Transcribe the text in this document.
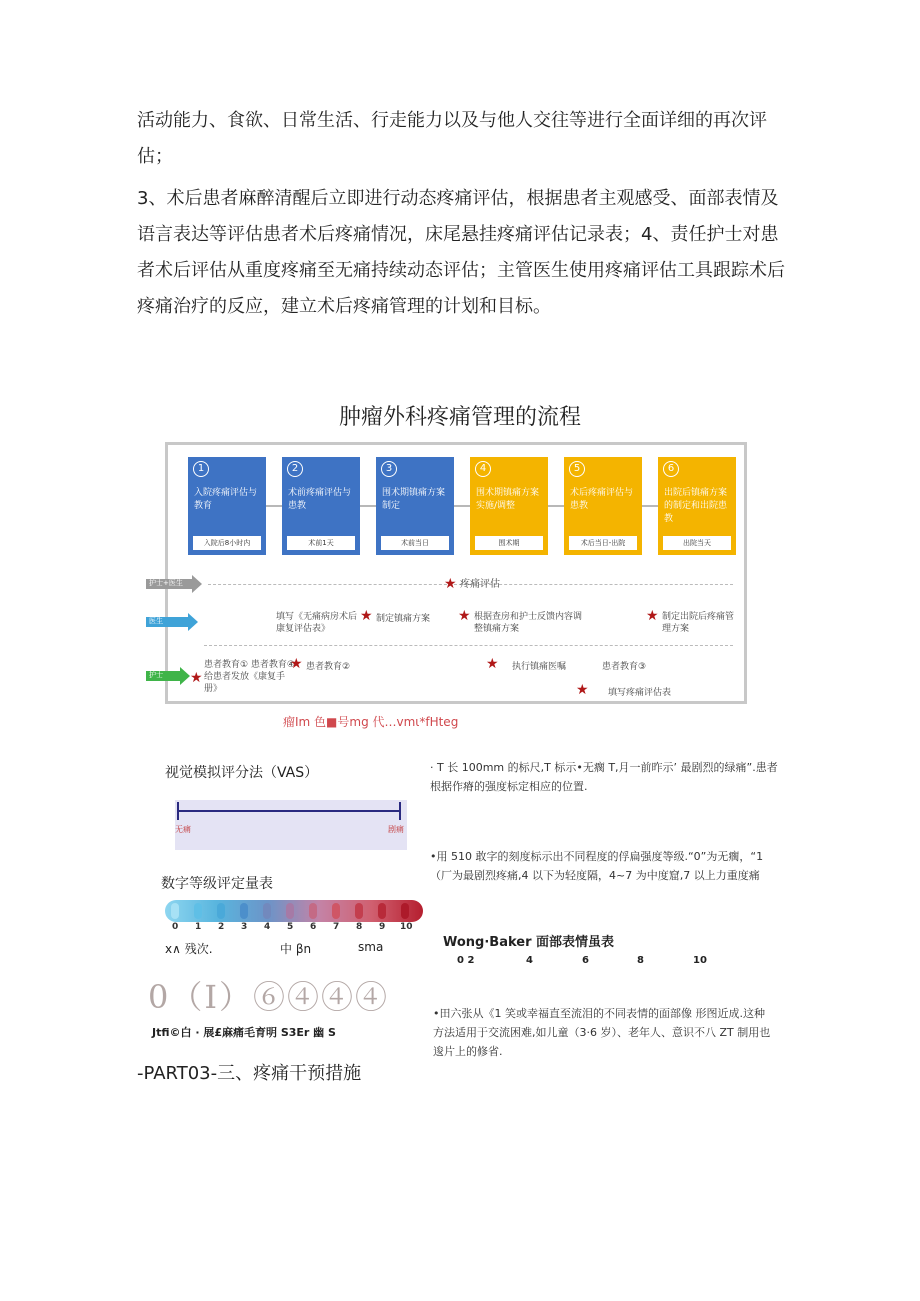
活动能力、食欲、日常生活、行走能力以及与他人交往等进行全面详细的再次评估；
3、术后患者麻醉清醒后立即进行动态疼痛评估，根据患者主观感受、面部表情及语言表达等评估患者术后疼痛情况，床尾悬挂疼痛评估记录表；4、责任护士对患者术后评估从重度疼痛至无痛持续动态评估；主管医生使用疼痛评估工具跟踪术后疼痛治疗的反应，建立术后疼痛管理的计划和目标。
肿瘤外科疼痛管理的流程
1
入院疼痛评估与教育
入院后8小时内
2
术前疼痛评估与患教
术前1天
3
围术期镇痛方案制定
术前当日
4
围术期镇痛方案实施/调整
围术期
5
术后疼痛评估与患教
术后当日-出院
6
出院后镇痛方案的制定和出院患教
出院当天
护士+医生	★ 疼痛评估
医生	填写《无痛病房术后康复评估表》
★ 制定镇痛方案 ★ 根据查房和护士反馈内容调整镇痛方案
★ 制定出院后疼痛管理方案
护士 ★
患者教育① 患者教育④ 给患者发放《康复手册》
★ 患者教育②	★ 执行镇痛医嘱	患者教育③
★ 填写疼痛评估表
瘤Im 色■号mg 代…vmι*fHteg
视觉模拟评分法（VAS）
无痛	剧痛
· T 长 100mm 的标尺,T 标示•无瘸 T,月一前昨示’ 最剧烈的绿痛”.患者根据作瘠的强度标定相应的位置.
数字等级评定量表
0 1 2 3 4 5 6 7 8 9 10
x∧ 残次.	中 βn	sma
•用 510 敢字的刻度标示出不同程度的俘扁强度等级.“0”为无瘸，“1（厂为最剧烈疼痛,4 以下为轻度隔，4~7 为中度窟,7 以上力重度痛
Wong·Baker 面部表情虽表
0 2	4	6	8	10
0（I）⑥④④④
Jtfi©白 · 展£麻痛毛育明 S3Er 幽 S
•田六张从《1 笑或幸福直至流泪的不同表情的面部像 形图近成.这种方法适用于交流困难,如儿童（3·6 岁）、老年人、意识不八 ZT 制用也逡片上的修省.
-PART03-三、疼痛干预措施
